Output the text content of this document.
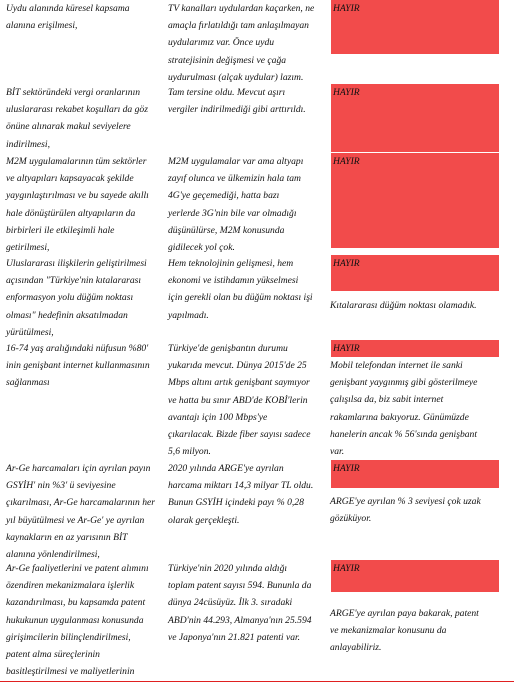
HAYIR
Uydu alanında küresel kapsama
alanına erişilmesi,
TV kanalları uydulardan kaçarken, ne
amaçla fırlatıldığı tam anlaşılmayan
uydularımız var. Önce uydu
stratejisinin değişmesi ve çağa
uydurulması (alçak uydular) lazım.
HAYIR
BİT sektöründeki vergi oranlarının
uluslararası rekabet koşulları da göz
önüne alınarak makul seviyelere
indirilmesi,
Tam tersine oldu. Mevcut aşırı
vergiler indirilmediği gibi arttırıldı.
HAYIR
M2M uygulamalarının tüm sektörler
ve altyapıları kapsayacak şekilde
yaygınlaştırılması ve bu sayede akıllı
hale dönüştürülen altyapıların da
birbirleri ile etkileşimli hale
getirilmesi,
M2M uygulamalar var ama altyapı
zayıf olunca ve ülkemizin hala tam
4G'ye geçemediği, hatta bazı
yerlerde 3G'nin bile var olmadığı
düşünülürse, M2M konusunda
gidilecek yol çok.
HAYIR
Uluslararası ilişkilerin geliştirilmesi
açısından "Türkiye'nin kıtalararası
enformasyon yolu düğüm noktası
olması" hedefinin aksatılmadan
yürütülmesi,
Hem teknolojinin gelişmesi, hem
ekonomi ve istihdamın yükselmesi
için gerekli olan bu düğüm noktası işi
yapılmadı.
Kıtalararası düğüm noktası olamadık.
HAYIR
16-74 yaş aralığındaki nüfusun %80'
inin genişbant internet kullanmasının
sağlanması
Türkiye'de genişbantın durumu
yukarıda mevcut. Dünya 2015'de 25
Mbps altını artık genişbant saymıyor
ve hatta bu sınır ABD'de KOBİ'lerin
avantajı için 100 Mbps'ye
çıkarılacak. Bizde fiber sayısı sadece
5,6 milyon.
Mobil telefondan internet ile sanki
genişbant yaygınmış gibi gösterilmeye
çalışılsa da, biz sabit internet
rakamlarına bakıyoruz. Günümüzde
hanelerin ancak % 56'sında genişbant
var.
HAYIR
Ar-Ge harcamaları için ayrılan payın
GSYİH' nin %3' ü seviyesine
çıkarılması, Ar-Ge harcamalarının her
yıl büyütülmesi ve Ar-Ge' ye ayrılan
kaynakların en az yarısının BİT
alanına yönlendirilmesi,
2020 yılında ARGE'ye ayrılan
harcama miktarı 14,3 milyar TL oldu.
Bunun GSYİH içindeki payı % 0,28
olarak gerçekleşti.
ARGE'ye ayrılan % 3 seviyesi çok uzak
gözüküyor.
HAYIR
Ar-Ge faaliyetlerini ve patent alımını
özendiren mekanizmalara işlerlik
kazandırılması, bu kapsamda patent
hukukunun uygulanması konusunda
girişimcilerin bilinçlendirilmesi,
patent alma süreçlerinin
basitleştirilmesi ve maliyetlerinin
Türkiye'nin 2020 yılında aldığı
toplam patent sayısı 594. Bununla da
dünya 24cüsüyüz. İlk 3. sıradaki
ABD'nin 44.293, Almanya'nın 25.594
ve Japonya'nın 21.821 patenti var.
ARGE'ye ayrılan paya bakarak, patent
ve mekanizmalar konusunu da
anlayabiliriz.
